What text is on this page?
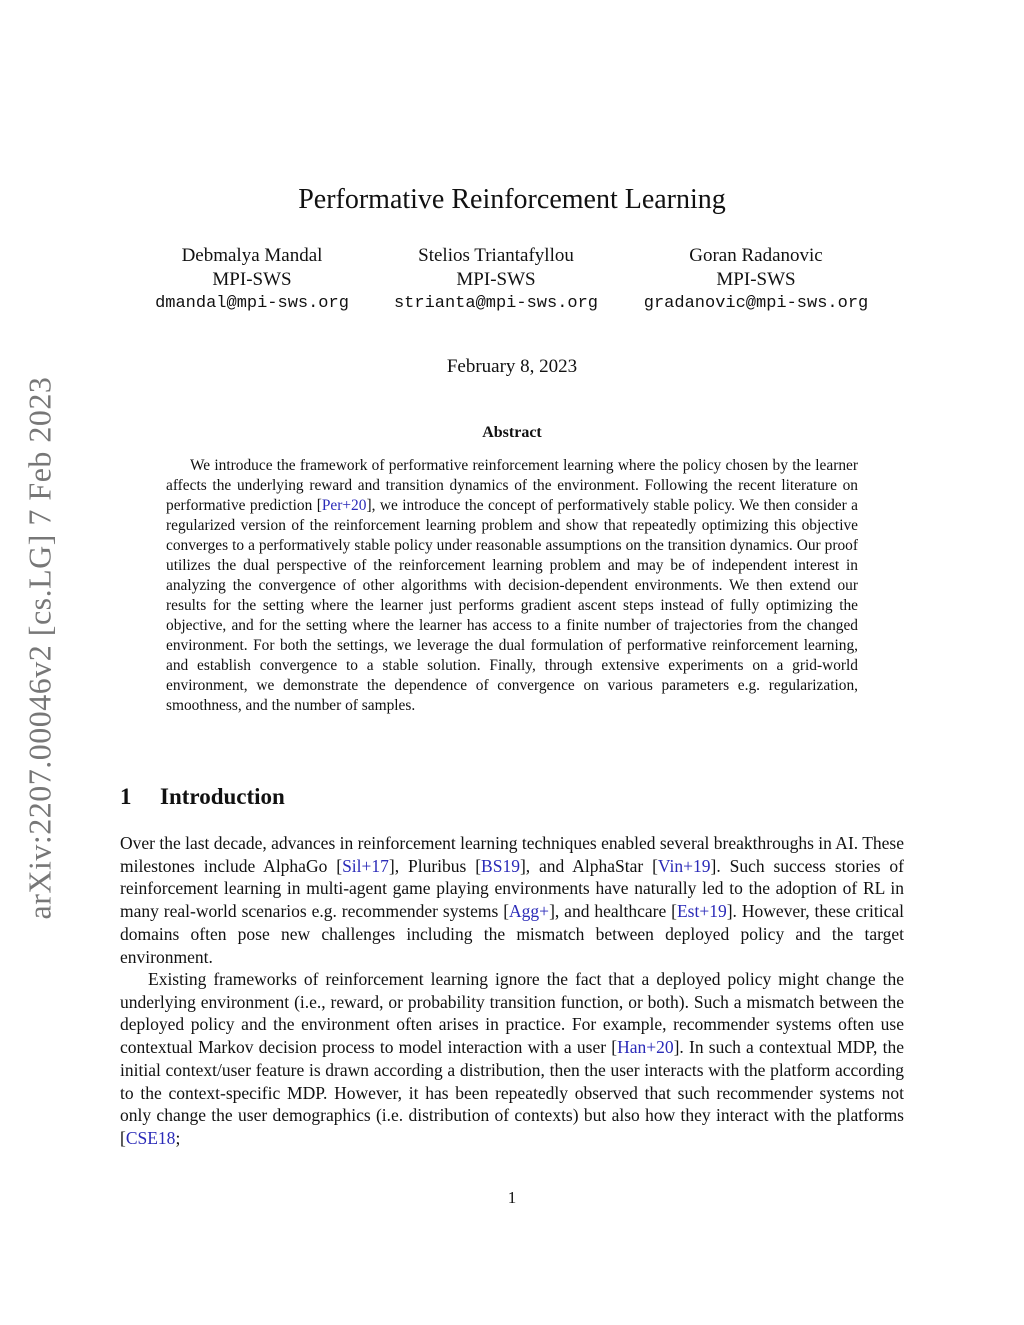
arXiv:2207.00046v2 [cs.LG] 7 Feb 2023
Performative Reinforcement Learning
Debmalya Mandal
MPI-SWS
dmandal@mpi-sws.org
Stelios Triantafyllou
MPI-SWS
strianta@mpi-sws.org
Goran Radanovic
MPI-SWS
gradanovic@mpi-sws.org
February 8, 2023
Abstract

We introduce the framework of performative reinforcement learning where the policy chosen by the learner affects the underlying reward and transition dynamics of the environment. Following the recent literature on performative prediction [Per+20], we introduce the concept of performatively stable policy. We then consider a regularized version of the reinforcement learning problem and show that repeatedly optimizing this objective converges to a performatively stable policy under reasonable assumptions on the transition dynamics. Our proof utilizes the dual perspective of the reinforcement learning problem and may be of independent interest in analyzing the convergence of other algorithms with decision-dependent environments. We then extend our results for the setting where the learner just performs gradient ascent steps instead of fully optimizing the objective, and for the setting where the learner has access to a finite number of trajectories from the changed environment. For both the settings, we leverage the dual formulation of performative reinforcement learning, and establish convergence to a stable solution. Finally, through extensive experiments on a grid-world environment, we demonstrate the dependence of convergence on various parameters e.g. regularization, smoothness, and the number of samples.

1 Introduction

Over the last decade, advances in reinforcement learning techniques enabled several breakthroughs in AI. These milestones include AlphaGo [Sil+17], Pluribus [BS19], and AlphaStar [Vin+19]. Such success stories of reinforcement learning in multi-agent game playing environments have naturally led to the adoption of RL in many real-world scenarios e.g. recommender systems [Agg+], and healthcare [Est+19]. However, these critical domains often pose new challenges including the mismatch between deployed policy and the target environment.

Existing frameworks of reinforcement learning ignore the fact that a deployed policy might change the underlying environment (i.e., reward, or probability transition function, or both). Such a mismatch between the deployed policy and the environment often arises in practice. For example, recommender systems often use contextual Markov decision process to model interaction with a user [Han+20]. In such a contextual MDP, the initial context/user feature is drawn according a distribution, then the user interacts with the platform according to the context-specific MDP. However, it has been repeatedly observed that such recommender systems not only change the user demographics (i.e. distribution of contexts) but also how they interact with the platforms [CSE18;

1
